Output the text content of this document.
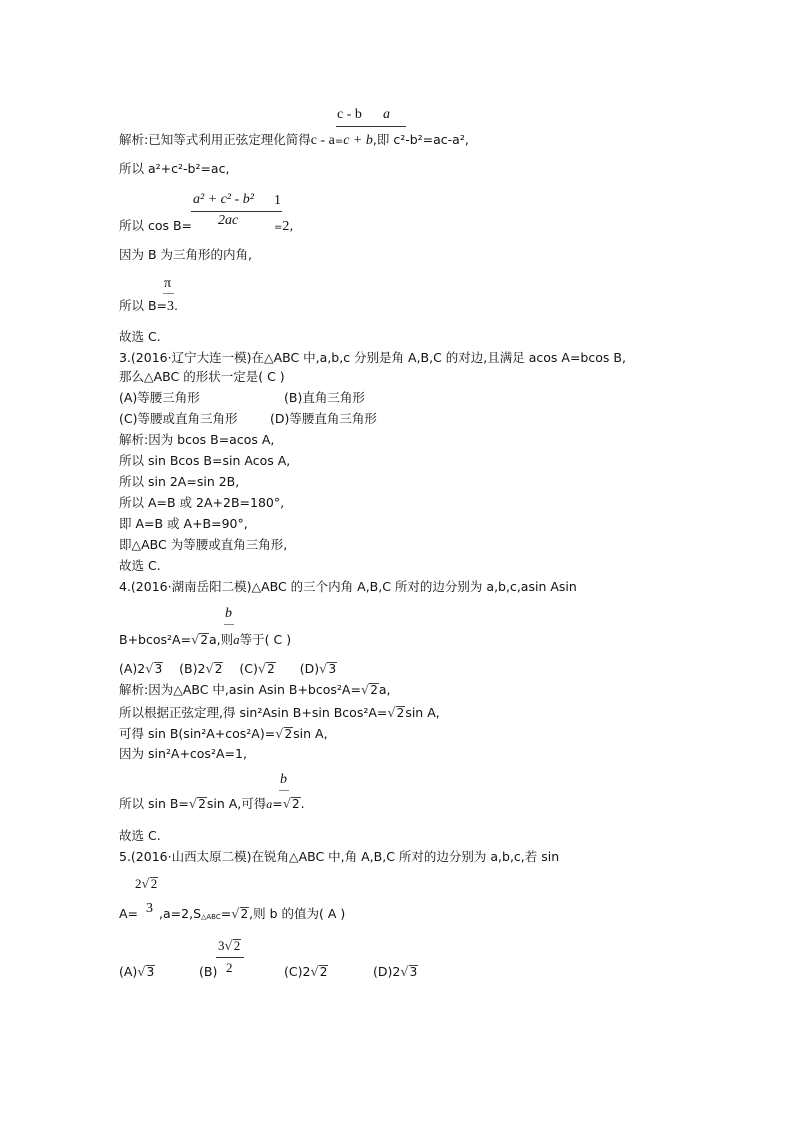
c - b a
解析:已知等式利用正弦定理化简得c - a=c + b,即 c²-b²=ac-a²,
所以 a²+c²-b²=ac,
a² + c² - b²
2ac
1
所以 cos B=	=2,
因为 B 为三角形的内角,
π
所以 B=3.
故选 C.
3.(2016·辽宁大连一模)在△ABC 中,a,b,c 分别是角 A,B,C 的对边,且满足 acos A=bcos B,
那么△ABC 的形状一定是( C )
(A)等腰三角形	(B)直角三角形
(C)等腰或直角三角形	(D)等腰直角三角形
解析:因为 bcos B=acos A,
所以 sin Bcos B=sin Acos A,
所以 sin 2A=sin 2B,
所以 A=B 或 2A+2B=180°,
即 A=B 或 A+B=90°,
即△ABC 为等腰或直角三角形,
故选 C.
4.(2016·湖南岳阳二模)△ABC 的三个内角 A,B,C 所对的边分别为 a,b,c,asin Asin
b
B+bcos²A=√2a,则a等于( C )
(A)2√3 (B)2√2 (C)√2 (D)√3
解析:因为△ABC 中,asin Asin B+bcos²A=√2a,
所以根据正弦定理,得 sin²Asin B+sin Bcos²A=√2sin A,
可得 sin B(sin²A+cos²A)=√2sin A,
因为 sin²A+cos²A=1,
b
所以 sin B=√2sin A,可得a=√2.
故选 C.
5.(2016·山西太原二模)在锐角△ABC 中,角 A,B,C 所对的边分别为 a,b,c,若 sin
2√2
A= 3 ,a=2,S△ABC=√2,则 b 的值为( A )
3√2
2
(A)√3	(B)	(C)2√2	(D)2√3
